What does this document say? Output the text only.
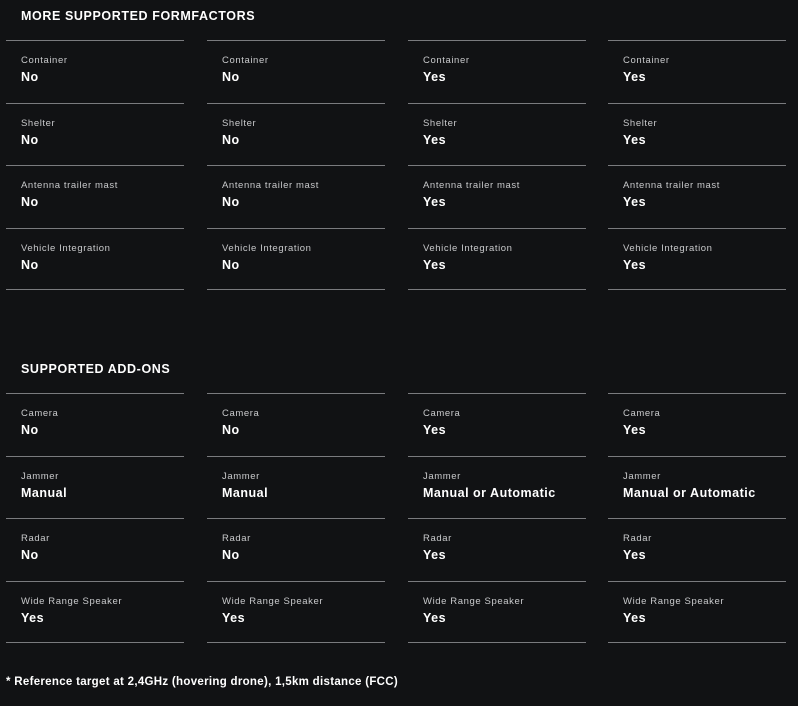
MORE SUPPORTED FORMFACTORS
Container
No
Shelter
No
Antenna trailer mast
No
Vehicle Integration
No
Container
No
Shelter
No
Antenna trailer mast
No
Vehicle Integration
No
Container
Yes
Shelter
Yes
Antenna trailer mast
Yes
Vehicle Integration
Yes
Container
Yes
Shelter
Yes
Antenna trailer mast
Yes
Vehicle Integration
Yes
SUPPORTED ADD-ONS
Camera
No
Jammer
Manual
Radar
No
Wide Range Speaker
Yes
Camera
No
Jammer
Manual
Radar
No
Wide Range Speaker
Yes
Camera
Yes
Jammer
Manual or Automatic
Radar
Yes
Wide Range Speaker
Yes
Camera
Yes
Jammer
Manual or Automatic
Radar
Yes
Wide Range Speaker
Yes
* Reference target at 2,4GHz (hovering drone), 1,5km distance (FCC)
